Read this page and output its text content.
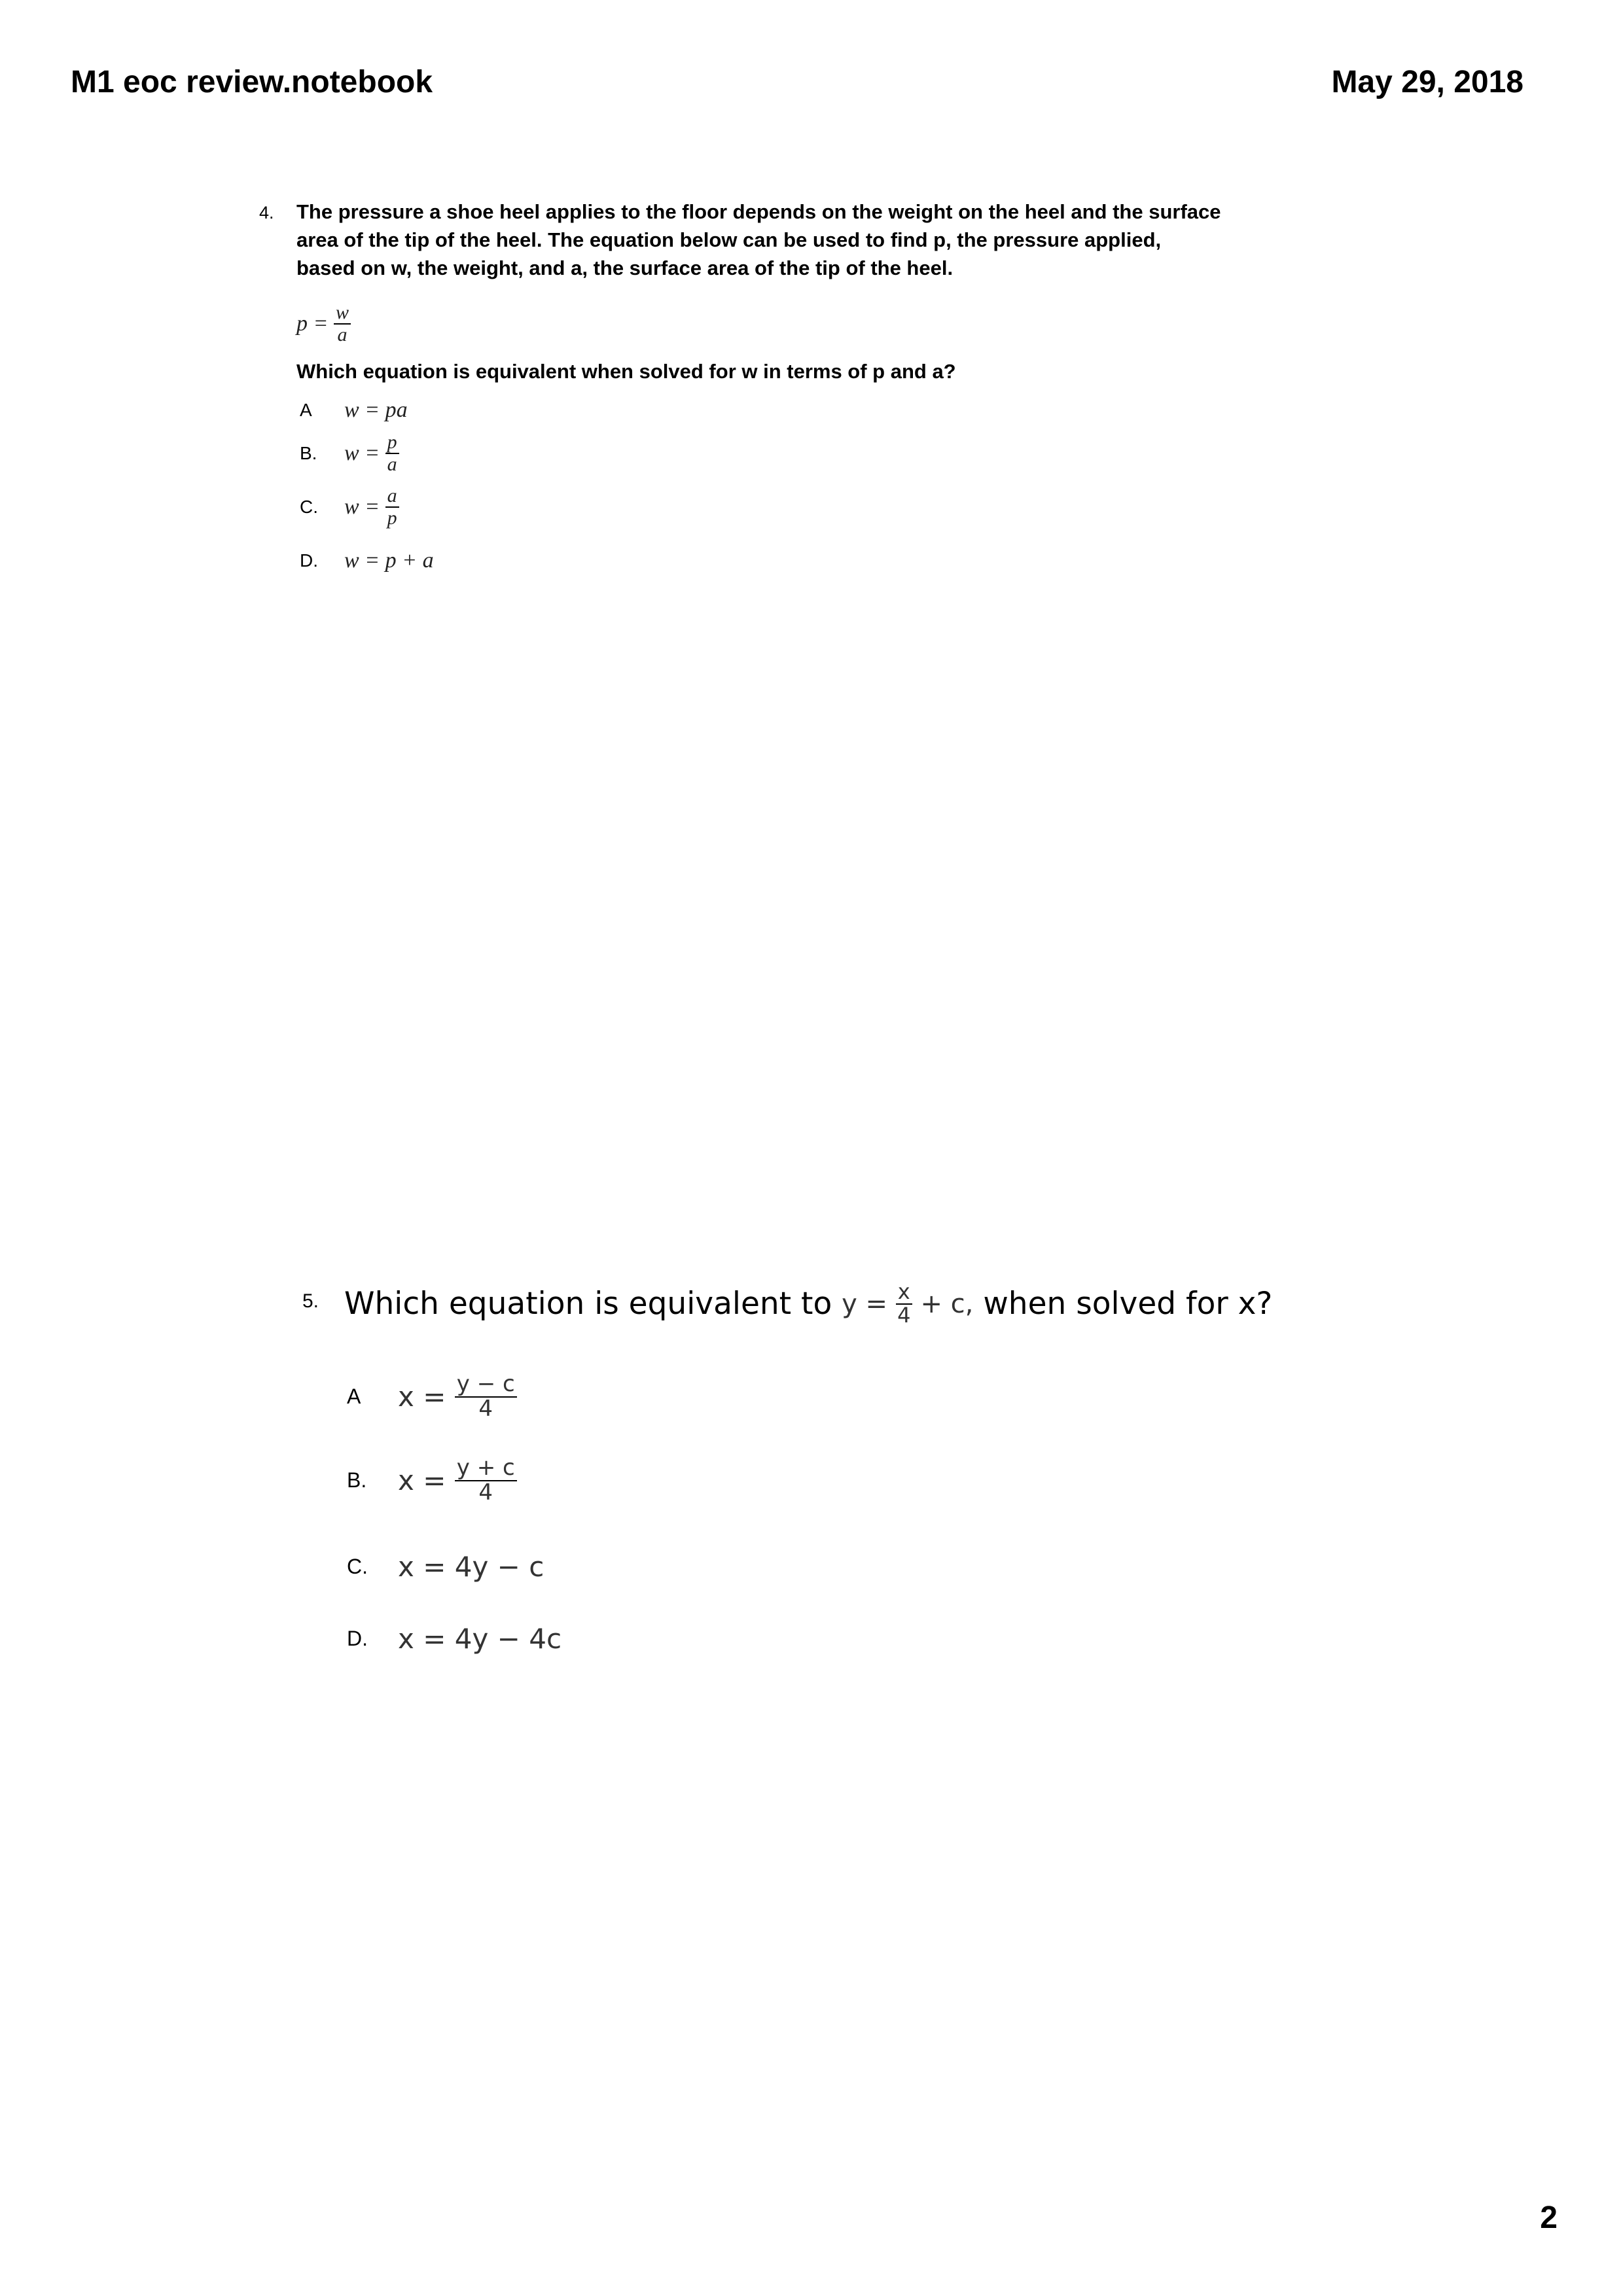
M1 eoc review.notebook	May 29, 2018
4. The pressure a shoe heel applies to the floor depends on the weight on the heel and the surface
area of the tip of the heel. The equation below can be used to find p, the pressure applied,
based on w, the weight, and a, the surface area of the tip of the heel.
p =
$\frac{w}{a}$
Which equation is equivalent when solved for w in terms of p and a?
A	w = pa
B.	w =
$\frac{p}{a}$
C.	w =
$\frac{a}{p}$
D.	w = p + a
5. Which equation is equivalent to
y =
$\frac{x}{4}$
+ c,
when solved for x?
A	x =
$\frac{y - c}{4}$
B.	x =
$\frac{y + c}{4}$
C.	x = 4y − c
D.	x = 4y − 4c
2
